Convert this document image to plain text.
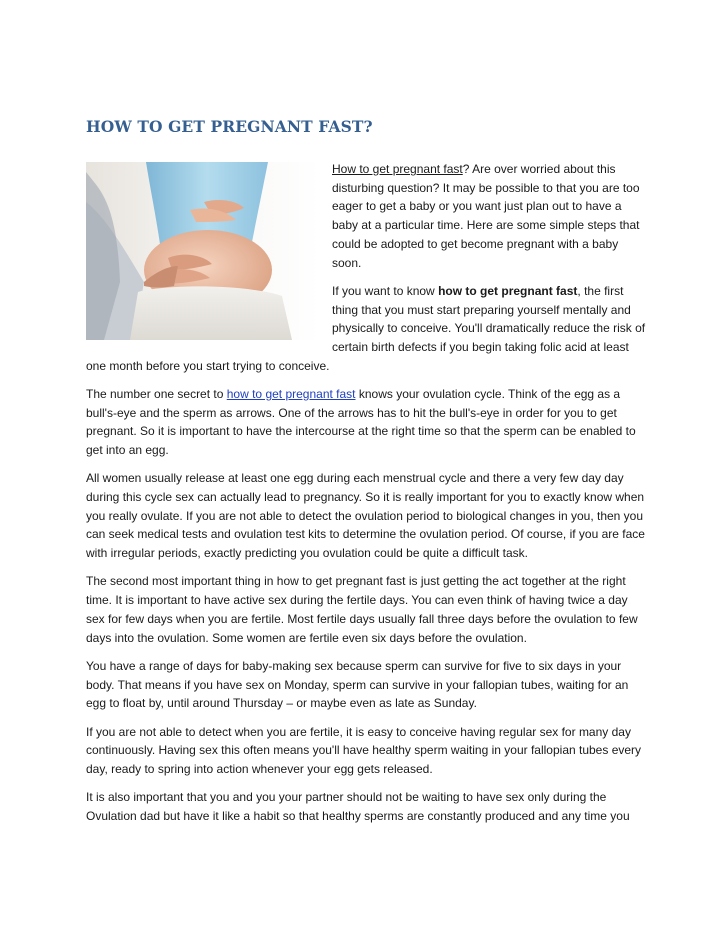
HOW TO GET PREGNANT FAST?

How to get pregnant fast? Are over worried about this disturbing question? It may be possible to that you are too eager to get a baby or you want just plan out to have a baby at a particular time. Here are some simple steps that could be adopted to get become pregnant with a baby soon.

If you want to know how to get pregnant fast, the first thing that you must start preparing yourself mentally and physically to conceive. You'll dramatically reduce the risk of certain birth defects if you begin taking folic acid at least one month before you start trying to conceive.

The number one secret to how to get pregnant fast knows your ovulation cycle. Think of the egg as a bull's-eye and the sperm as arrows. One of the arrows has to hit the bull's-eye in order for you to get pregnant. So it is important to have the intercourse at the right time so that the sperm can be enabled to get into an egg.

All women usually release at least one egg during each menstrual cycle and there a very few day day during this cycle sex can actually lead to pregnancy. So it is really important for you to exactly know when you really ovulate. If you are not able to detect the ovulation period to biological changes in you, then you can seek medical tests and ovulation test kits to determine the ovulation period. Of course, if you are face with irregular periods, exactly predicting you ovulation could be quite a difficult task.

The second most important thing in how to get pregnant fast is just getting the act together at the right time. It is important to have active sex during the fertile days. You can even think of having twice a day sex for few days when you are fertile. Most fertile days usually fall three days before the ovulation to few days into the ovulation. Some women are fertile even six days before the ovulation.

You have a range of days for baby-making sex because sperm can survive for five to six days in your body. That means if you have sex on Monday, sperm can survive in your fallopian tubes, waiting for an egg to float by, until around Thursday – or maybe even as late as Sunday.

If you are not able to detect when you are fertile, it is easy to conceive having regular sex for many day continuously. Having sex this often means you'll have healthy sperm waiting in your fallopian tubes every day, ready to spring into action whenever your egg gets released.

It is also important that you and you your partner should not be waiting to have sex only during the Ovulation dad but have it like a habit so that healthy sperms are constantly produced and any time you
